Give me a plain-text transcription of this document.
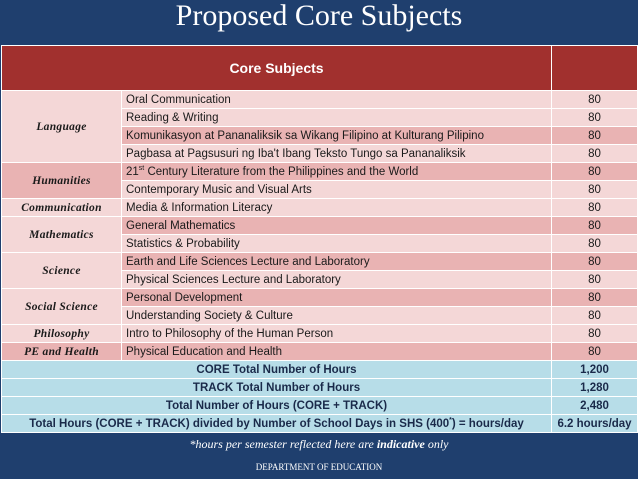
Proposed Core Subjects
Core Subjects		
Language	Oral Communication	80
	Reading & Writing	80
	Komunikasyon at Pananaliksik sa Wikang Filipino at Kulturang Pilipino	80
	Pagbasa at Pagsusuri ng Iba't Ibang Teksto Tungo sa Pananaliksik	80
Humanities	21st Century Literature from the Philippines and the World	80
	Contemporary Music and Visual Arts	80
Communication	Media & Information Literacy	80
Mathematics	General Mathematics	80
	Statistics & Probability	80
Science	Earth and Life Sciences Lecture and Laboratory	80
	Physical Sciences Lecture and Laboratory	80
Social Science	Personal Development	80
	Understanding Society & Culture	80
Philosophy	Intro to Philosophy of the Human Person	80
PE and Health	Physical Education and Health	80
CORE Total Number of Hours		1,200
TRACK Total Number of Hours		1,280
Total Number of Hours (CORE + TRACK)		2,480
Total Hours (CORE + TRACK) divided by Number of School Days in SHS (400*) = hours/day		6.2 hours/day
*hours per semester reflected here are indicative only
DEPARTMENT OF EDUCATION
